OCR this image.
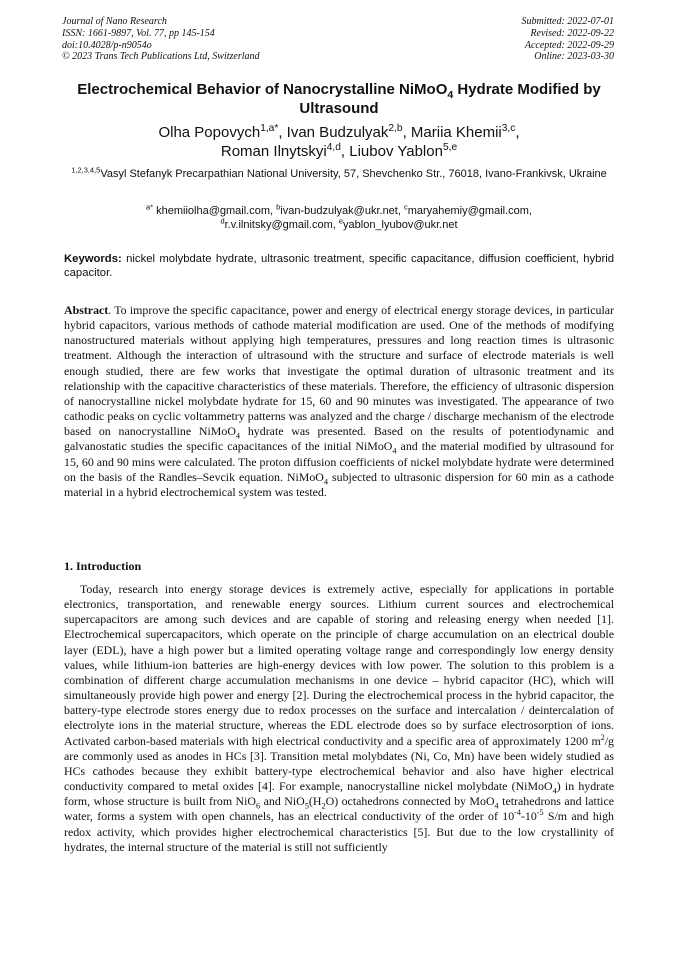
Journal of Nano Research
ISSN: 1661-9897, Vol. 77, pp 145-154
doi:10.4028/p-n9054o
© 2023 Trans Tech Publications Ltd, Switzerland
Submitted: 2022-07-01
Revised: 2022-09-22
Accepted: 2022-09-29
Online: 2023-03-30
Electrochemical Behavior of Nanocrystalline NiMoO$_4$ Hydrate Modified by Ultrasound
Olha Popovych$^{1,a*}$, Ivan Budzulyak$^{2,b}$, Mariia Khemii$^{3,c}$,
Roman Ilnytskyi$^{4,d}$, Liubov Yablon$^{5,e}$
$^{1,2,3,4,5}$Vasyl Stefanyk Precarpathian National University, 57, Shevchenko Str., 76018, Ivano-Frankivsk, Ukraine
$^{a*}$ khemiiolha@gmail.com, $^b$ivan-budzulyak@ukr.net, $^c$maryahemiy@gmail.com,
$^d$r.v.ilnitsky@gmail.com, $^e$yablon_lyubov@ukr.net
Keywords: nickel molybdate hydrate, ultrasonic treatment, specific capacitance, diffusion coefficient, hybrid capacitor.
Abstract. To improve the specific capacitance, power and energy of electrical energy storage devices, in particular hybrid capacitors, various methods of cathode material modification are used. One of the methods of modifying nanostructured materials without applying high temperatures, pressures and long reaction times is ultrasonic treatment. Although the interaction of ultrasound with the structure and surface of electrode materials is well enough studied, there are few works that investigate the optimal duration of ultrasonic treatment and its relationship with the capacitive characteristics of these materials. Therefore, the efficiency of ultrasonic dispersion of nanocrystalline nickel molybdate hydrate for 15, 60 and 90 minutes was investigated. The appearance of two cathodic peaks on cyclic voltammetry patterns was analyzed and the charge / discharge mechanism of the electrode based on nanocrystalline NiMoO$_4$ hydrate was presented. Based on the results of potentiodynamic and galvanostatic studies the specific capacitances of the initial NiMoO$_4$ and the material modified by ultrasound for 15, 60 and 90 mins were calculated. The proton diffusion coefficients of nickel molybdate hydrate were determined on the basis of the Randles–Sevcik equation. NiMoO$_4$ subjected to ultrasonic dispersion for 60 min as a cathode material in a hybrid electrochemical system was tested.
1. Introduction
Today, research into energy storage devices is extremely active, especially for applications in portable electronics, transportation, and renewable energy sources. Lithium current sources and electrochemical supercapacitors are among such devices and are capable of storing and releasing energy when needed [1]. Electrochemical supercapacitors, which operate on the principle of charge accumulation on an electrical double layer (EDL), have a high power but a limited operating voltage range and correspondingly low energy density values, while lithium-ion batteries are high-energy devices with low power. The solution to this problem is a combination of different charge accumulation mechanisms in one device – hybrid capacitor (HC), which will simultaneously provide high power and energy [2]. During the electrochemical process in the hybrid capacitor, the battery-type electrode stores energy due to redox processes on the surface and intercalation / deintercalation of electrolyte ions in the material structure, whereas the EDL electrode does so by surface electrosorption of ions. Activated carbon-based materials with high electrical conductivity and a specific area of approximately 1200 $m^2/g$ are commonly used as anodes in HCs [3]. Transition metal molybdates (Ni, Co, Mn) have been widely studied as HCs cathodes because they exhibit battery-type electrochemical behavior and also have higher electrical conductivity compared to metal oxides [4]. For example, nanocrystalline nickel molybdate (NiMoO$_4$) in hydrate form, whose structure is built from NiO$_6$ and $NiO_5(H_2O)$ octahedrons connected by MoO$_4$ tetrahedrons and lattice water, forms a system with open channels, has an electrical conductivity of the order of $10^{-4}-10^{-5}$ S/m and high redox activity, which provides higher electrochemical characteristics [5]. But due to the low crystallinity of hydrates, the internal structure of the material is still not sufficiently
